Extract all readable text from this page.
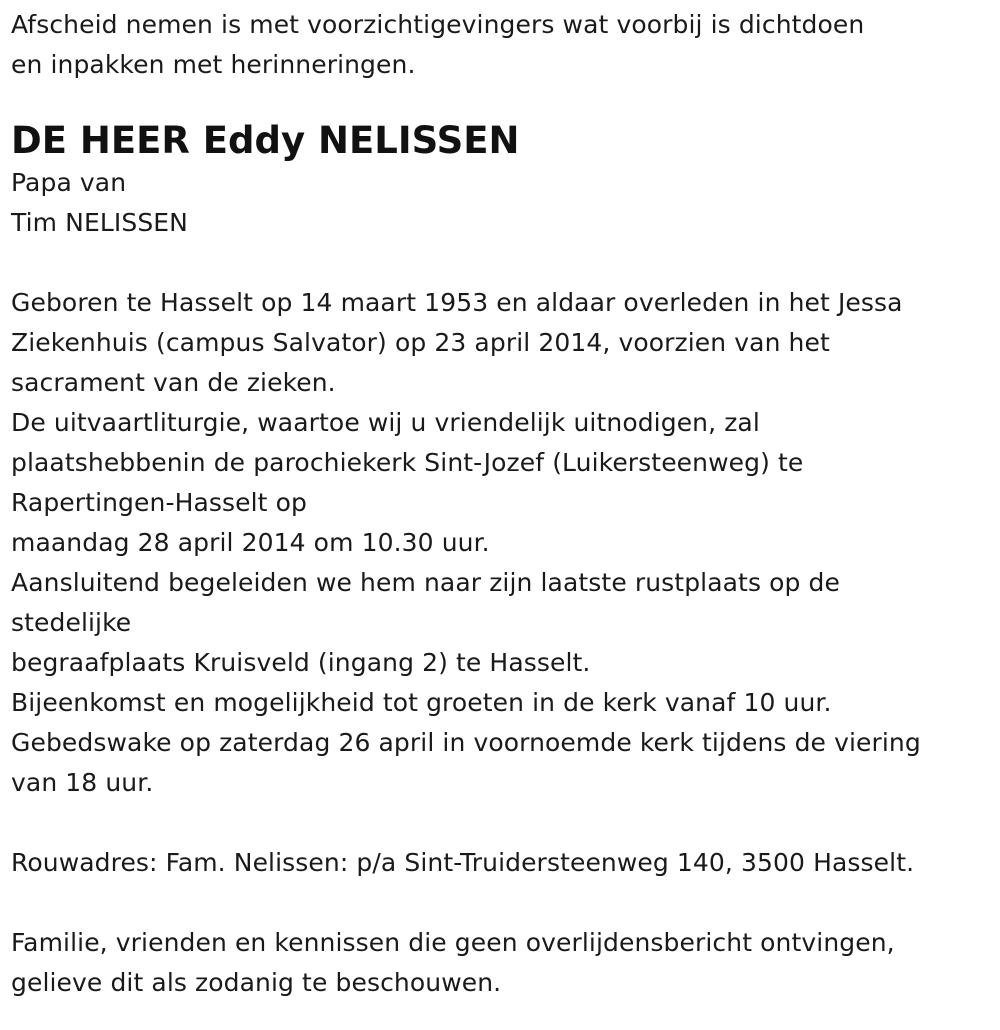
Afscheid nemen is met voorzichtigevingers wat voorbij is dichtdoen
en inpakken met herinneringen.
DE HEER Eddy NELISSEN
Papa van
Tim NELISSEN
Geboren te Hasselt op 14 maart 1953 en aldaar overleden in het Jessa
Ziekenhuis (campus Salvator) op 23 april 2014, voorzien van het
sacrament van de zieken.
De uitvaartliturgie, waartoe wij u vriendelijk uitnodigen, zal
plaatshebbenin de parochiekerk Sint-Jozef (Luikersteenweg) te
Rapertingen-Hasselt op
maandag 28 april 2014 om 10.30 uur.
Aansluitend begeleiden we hem naar zijn laatste rustplaats op de
stedelijke
begraafplaats Kruisveld (ingang 2) te Hasselt.
Bijeenkomst en mogelijkheid tot groeten in de kerk vanaf 10 uur.
Gebedswake op zaterdag 26 april in voornoemde kerk tijdens de viering
van 18 uur.
Rouwadres: Fam. Nelissen: p/a Sint-Truidersteenweg 140, 3500 Hasselt.
Familie, vrienden en kennissen die geen overlijdensbericht ontvingen,
gelieve dit als zodanig te beschouwen.
